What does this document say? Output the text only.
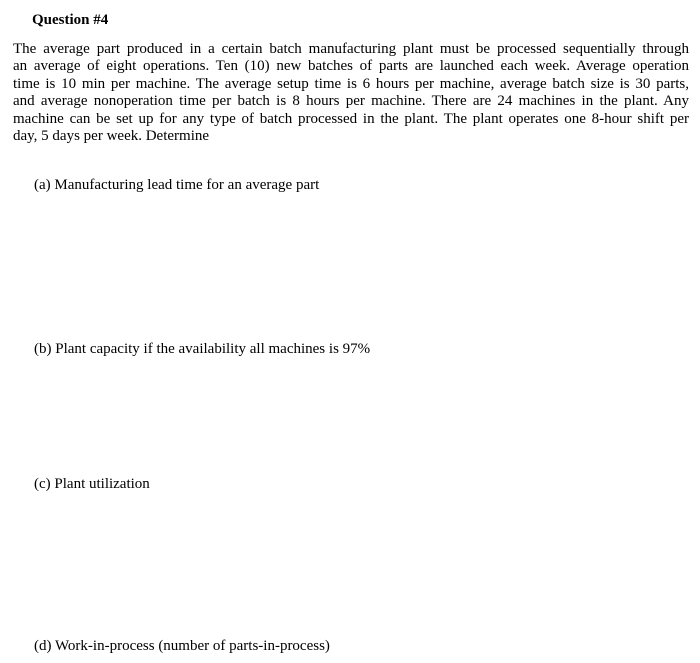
Question #4
The average part produced in a certain batch manufacturing plant must be processed sequentially through
an average of eight operations. Ten (10) new batches of parts are launched each week. Average operation
time is 10 min per machine. The average setup time is 6 hours per machine, average batch size is 30 parts,
and average nonoperation time per batch is 8 hours per machine. There are 24 machines in the plant. Any
machine can be set up for any type of batch processed in the plant. The plant operates one 8-hour shift per
day, 5 days per week. Determine
(a) Manufacturing lead time for an average part
(b) Plant capacity if the availability all machines is 97%
(c) Plant utilization
(d) Work-in-process (number of parts-in-process)
